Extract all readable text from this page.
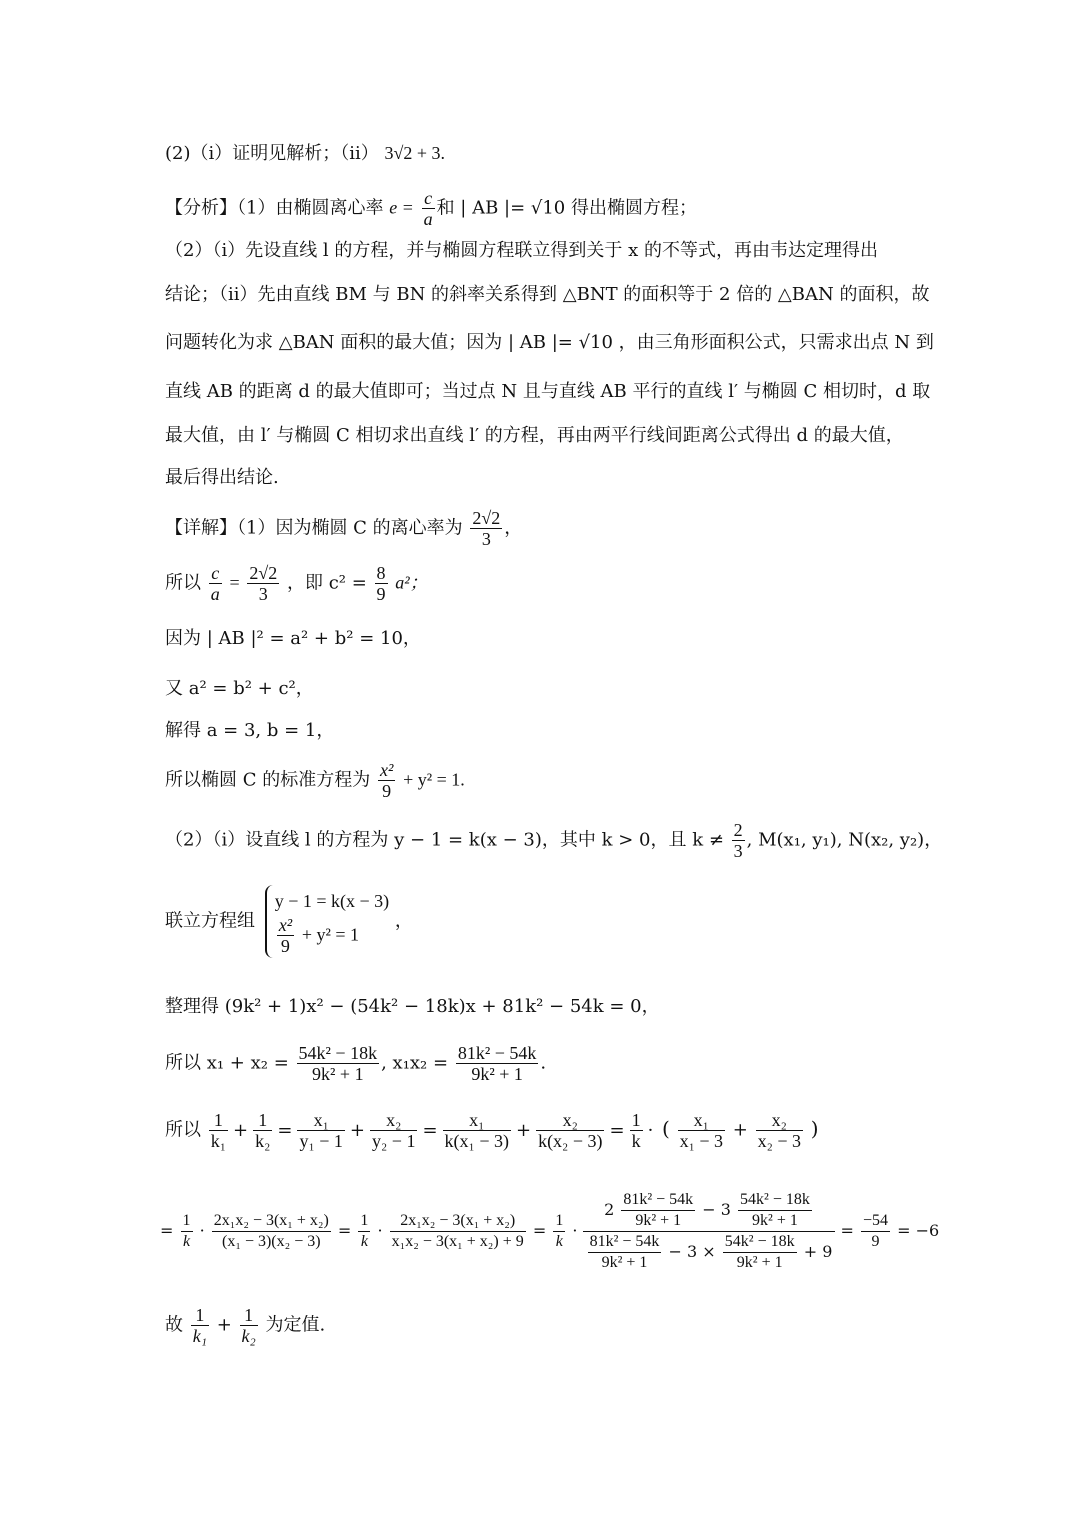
(2)（i）证明见解析；（ii） 3√2 + 3.
【分析】（1）由椭圆离心率 $e = \frac{c}{a}$ 和 | AB |= √10 得出椭圆方程；
（2）（i）先设直线 l 的方程，并与椭圆方程联立得到关于 x 的不等式，再由韦达定理得出
结论；（ii）先由直线 BM 与 BN 的斜率关系得到 △BNT 的面积等于 2 倍的 △BAN 的面积，故
问题转化为求 △BAN 面积的最大值；因为 | AB |= √10 ，由三角形面积公式，只需求出点 N 到
直线 AB 的距离 d 的最大值即可；当过点 N 且与直线 AB 平行的直线 l′ 与椭圆 C 相切时，d 取
最大值，由 l′ 与椭圆 C 相切求出直线 l′ 的方程，再由两平行线间距离公式得出 d 的最大值，
最后得出结论.
【详解】（1）因为椭圆 C 的离心率为 $\frac{2√2}{3}$ ，
所以 $\frac{c}{a} = \frac{2√2}{3}$ ，即 $c^2 = \frac{8}{9} a^2$；
因为 | AB |² = a² + b² = 10，
又 a² = b² + c²，
解得 a = 3, b = 1，
所以椭圆 C 的标准方程为 $\frac{\text{x²}}{9} + y^2 = 1$.
（2）（i）设直线 l 的方程为 y − 1 = k(x − 3)，其中 k > 0，且 $k \ne \frac{2}{3}$ , M(x₁, y₁), N(x₂, y₂)，
联立方程组
y − 1 = k(x − 3)
$\frac{\text{x²}}{9} + y^2 = 1$
，
整理得 (9k² + 1)x² − (54k² − 18k)x + 81k² − 54k = 0，
所以 $x_1 + x_2 = \frac{\text{54k² − 18k}}{\text{9k² + 1}}$ , $x_1x_2 = \frac{\text{81k² − 54k}}{\text{9k² + 1}}$ .
所以 $\frac{1}{\text{k₁}} + \frac{1}{\text{k₂}} = \frac{\text{x₁}}{\text{y₁ − 1}} + \frac{\text{x₂}}{\text{y₂ − 1}} = \frac{\text{x₁}}{\text{k(x₁ − 3)}} + \frac{\text{x₂}}{\text{k(x₂ − 3)}} = \frac{1}{k}$ · ( $\frac{\text{x₁}}{\text{x₁ − 3}} + \frac{\text{x₂}}{\text{x₂ − 3}}$ )
= $\frac{1}{k} \cdot \frac{\text{2x₁x₂ − 3(x₁ + x₂)}}{\text{(x₁ − 3)(x₂ − 3)}} = \frac{1}{k} \cdot \frac{\text{2x₁x₂ − 3(x₁ + x₂)}}{\text{x₁x₂ − 3(x₁ + x₂) + 9}} = \frac{1}{k}$ ·
$2 \frac{\text{81k² − 54k}}{\text{9k² + 1}} - 3 \frac{\text{54k² − 18k}}{\text{9k² + 1}}$
$\frac{\text{81k² − 54k}}{\text{9k² + 1}} - 3 \times \frac{\text{54k² − 18k}}{\text{9k² + 1}} + 9$
= $\frac{-54}{9} = -6$
故 $\frac{1}{\text{k₁}} + \frac{1}{\text{k₂}}$ 为定值.
